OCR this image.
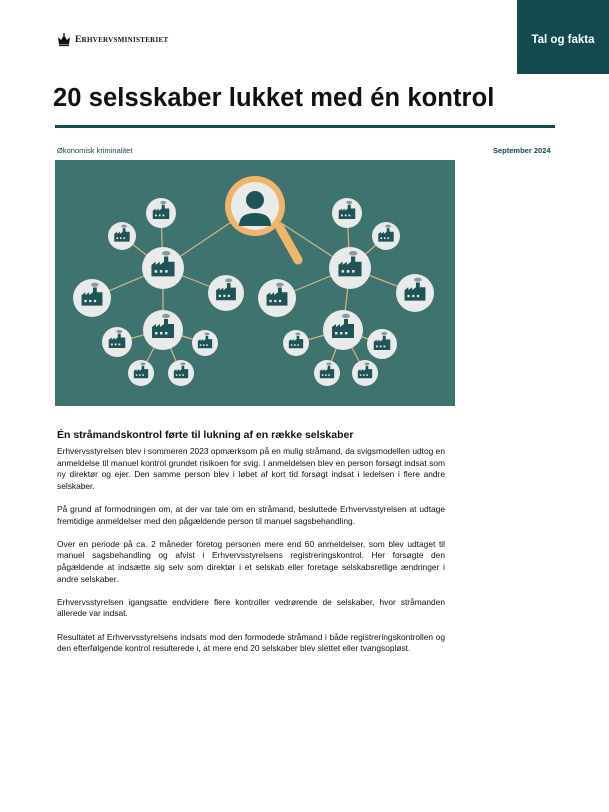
Tal og fakta
Erhvervsministeriet
20 selsskaber lukket med én kontrol
Økonomisk kriminalitet	September 2024
Én stråmandskontrol førte til lukning af en række selskaber

Erhvervsstyrelsen blev i sommeren 2023 opmærksom på en mulig stråmand, da svigsmodellen udtog en anmeldelse til manuel kontrol grundet risikoen for svig. I anmeldelsen blev en person forsøgt indsat som ny direktør og ejer. Den samme person blev i løbet af kort tid forsøgt indsat i ledelsen i flere andre selskaber.

På grund af formodningen om, at der var tale om en stråmand, besluttede Erhvervsstyrelsen at udtage fremtidige anmeldelser med den pågældende person til manuel sagsbehandling.

Over en periode på ca. 2 måneder foretog personen mere end 60 anmeldelser, som blev udtaget til manuel sagsbehandling og afvist i Erhvervsstyrelsens registreringskontrol. Her forsøgte den pågældende at indsætte sig selv som direktør i et selskab eller foretage selskabsretlige ændringer i andre selskaber.

Erhvervsstyrelsen igangsatte endvidere flere kontroller vedrørende de selskaber, hvor stråmanden allerede var indsat.

Resultatet af Erhvervsstyrelsens indsats mod den formodede stråmand i både registreringskontrollen og den efterfølgende kontrol resulterede i, at mere end 20 selskaber blev slettet eller tvangsopløst.
